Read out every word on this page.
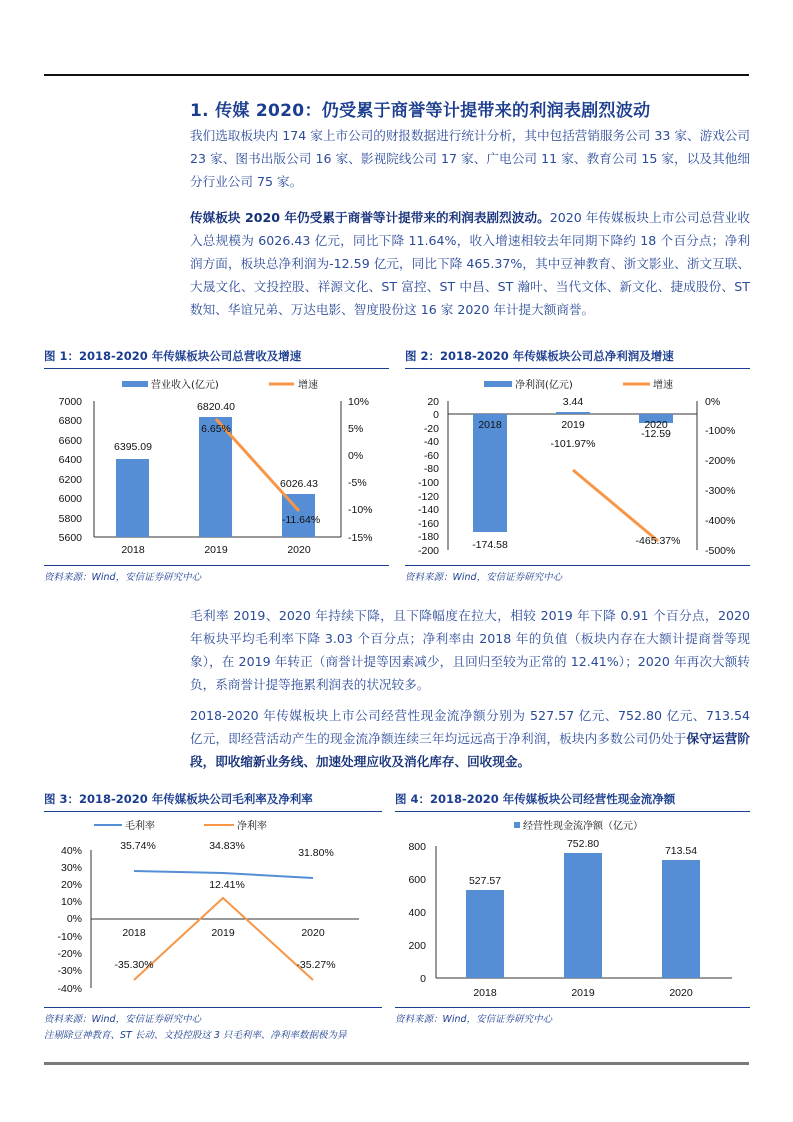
1. 传媒 2020：仍受累于商誉等计提带来的利润表剧烈波动
我们选取板块内 174 家上市公司的财报数据进行统计分析，其中包括营销服务公司 33 家、游戏公司 23 家、图书出版公司 16 家、影视院线公司 17 家、广电公司 11 家、教育公司 15 家，以及其他细分行业公司 75 家。
传媒板块 2020 年仍受累于商誉等计提带来的利润表剧烈波动。2020 年传媒板块上市公司总营业收入总规模为 6026.43 亿元，同比下降 11.64%，收入增速相较去年同期下降约 18 个百分点；净利润方面，板块总净利润为-12.59 亿元，同比下降 465.37%，其中豆神教育、浙文影业、浙文互联、大晟文化、文投控股、祥源文化、ST 富控、ST 中昌、ST 瀚叶、当代文体、新文化、捷成股份、ST 数知、华谊兄弟、万达电影、智度股份这 16 家 2020 年计提大额商誉。
图 1：2018-2020 年传媒板块公司总营收及增速
营业收入(亿元)	增速
7000
6800
6600
6400
6200
6000
5800
5600
10%
5%
0%
-5%
-10%
-15%
6395.09
6820.40
6026.43
6.65%
-11.64%
2018	2019	2020
资料来源：Wind，安信证券研究中心
图 2：2018-2020 年传媒板块公司总净利润及增速
净利润(亿元)	增速
20
0
-20
-40
-60
-80
-100
-120
-140
-160
-180
-200
0%
-100%
-200%
-300%
-400%
-500%
2018	2019	2020
-174.58
3.44
-12.59
-101.97%
-465.37%
资料来源：Wind，安信证券研究中心
毛利率 2019、2020 年持续下降，且下降幅度在拉大，相较 2019 年下降 0.91 个百分点，2020 年板块平均毛利率下降 3.03 个百分点；净利率由 2018 年的负值（板块内存在大额计提商誉等现象），在 2019 年转正（商誉计提等因素减少，且回归至较为正常的 12.41%）；2020 年再次大额转负，系商誉计提等拖累利润表的状况较多。
2018-2020 年传媒板块上市公司经营性现金流净额分别为 527.57 亿元、752.80 亿元、713.54 亿元，即经营活动产生的现金流净额连续三年均远远高于净利润，板块内多数公司仍处于保守运营阶段，即收缩新业务线、加速处理应收及消化库存、回收现金。
图 3：2018-2020 年传媒板块公司毛利率及净利率
毛利率	净利率
40%
30%
20%
10%
0%
-10%
-20%
-30%
-40%
35.74%	34.83%
31.80%
12.41%
-35.30%	-35.27%
2018	2019	2020
资料来源：Wind，安信证券研究中心
注剔除豆神教育、ST 长动、文投控股这 3 只毛利率、净利率数据极为异
图 4：2018-2020 年传媒板块公司经营性现金流净额
经营性现金流净额（亿元）
800
600
400
200
0
527.57
752.80
713.54
2018	2019	2020
资料来源：Wind，安信证券研究中心
